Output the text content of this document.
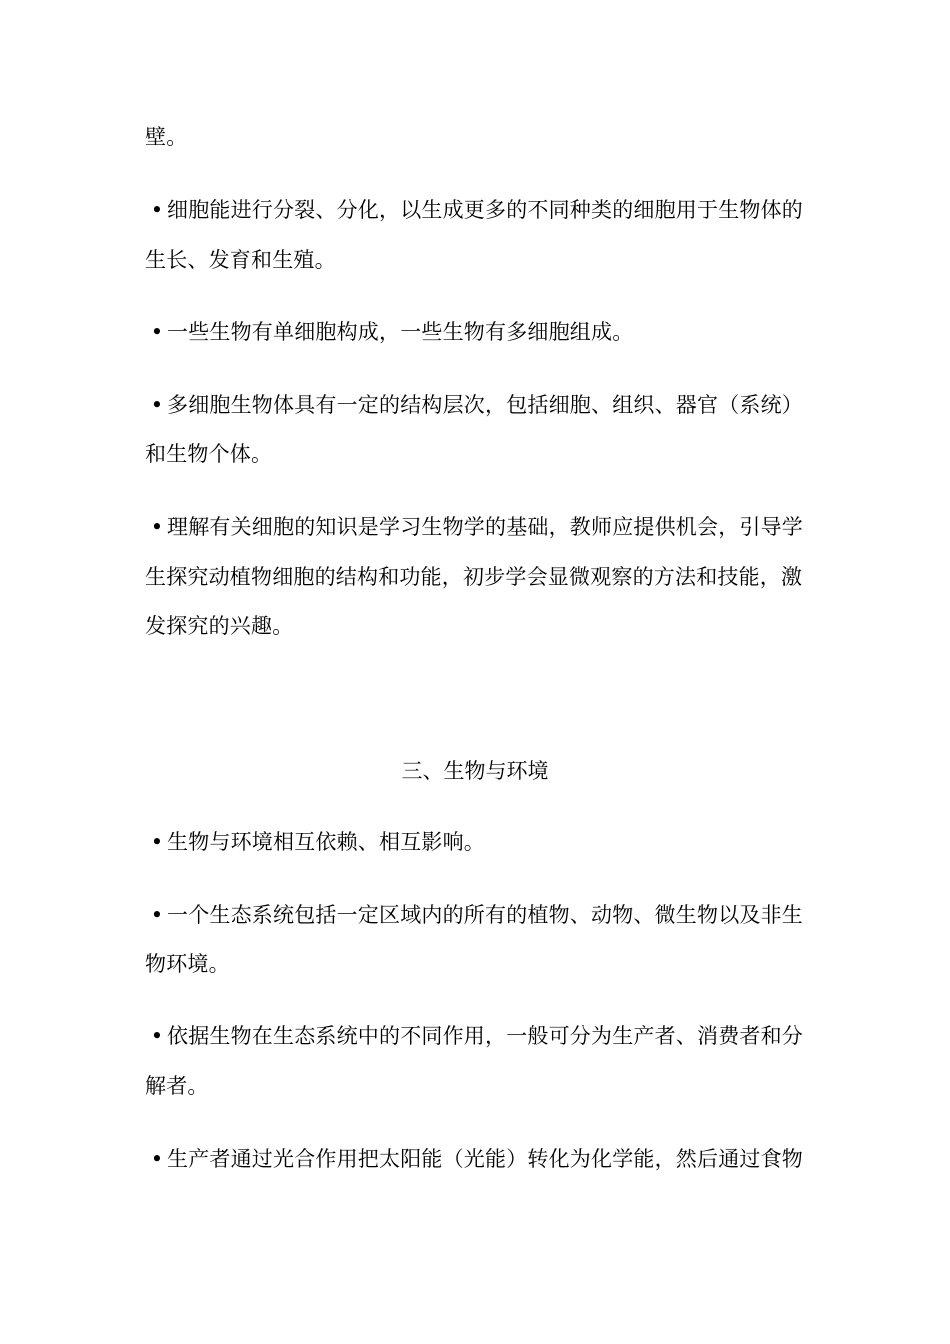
壁。
• 细胞能进行分裂、分化，以生成更多的不同种类的细胞用于生物体的
生长、发育和生殖。
• 一些生物有单细胞构成，一些生物有多细胞组成。
• 多细胞生物体具有一定的结构层次，包括细胞、组织、器官（系统）
和生物个体。
• 理解有关细胞的知识是学习生物学的基础，教师应提供机会，引导学
生探究动植物细胞的结构和功能，初步学会显微观察的方法和技能，激
发探究的兴趣。
三、生物与环境
• 生物与环境相互依赖、相互影响。
• 一个生态系统包括一定区域内的所有的植物、动物、微生物以及非生
物环境。
• 依据生物在生态系统中的不同作用，一般可分为生产者、消费者和分
解者。
• 生产者通过光合作用把太阳能（光能）转化为化学能，然后通过食物
